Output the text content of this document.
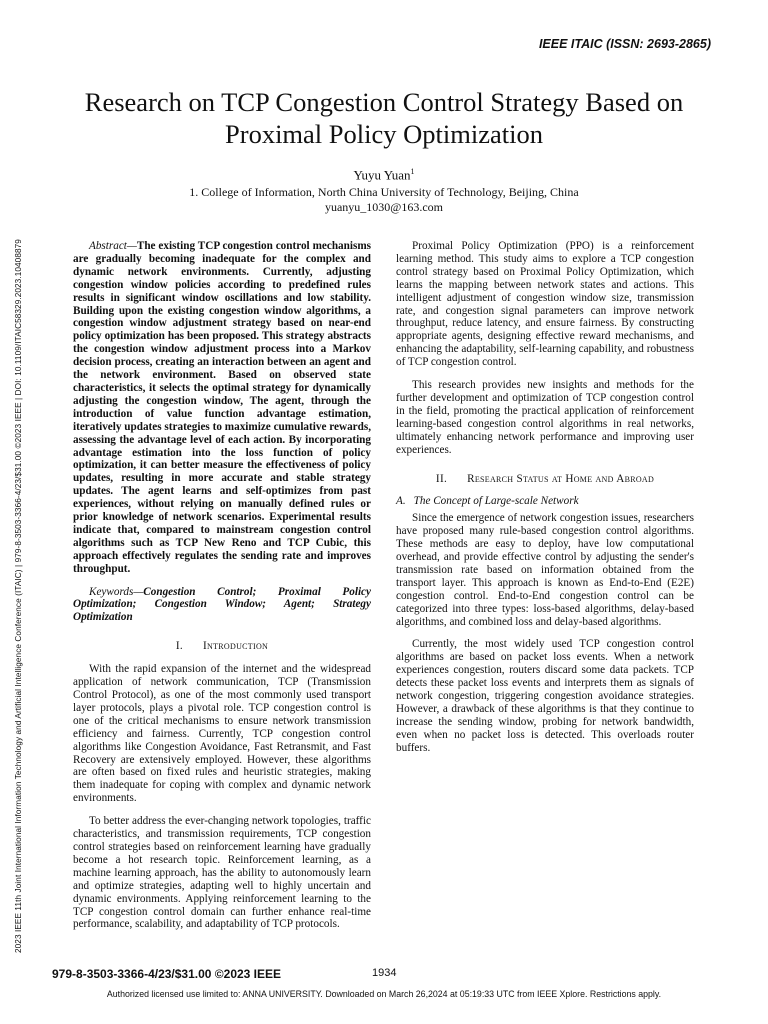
IEEE ITAIC (ISSN: 2693-2865)
Research on TCP Congestion Control Strategy Based on Proximal Policy Optimization
Yuyu Yuan$^1$
1. College of Information, North China University of Technology, Beijing, China
yuanyu_1030@163.com
2023 IEEE 11th Joint International Information Technology and Artificial Intelligence Conference (ITAIC) | 979-8-3503-3366-4/23/$31.00 ©2023 IEEE | DOI: 10.1109/ITAIC58329.2023.10408879	Abstract—The existing TCP congestion control mechanisms are gradually becoming inadequate for the complex and dynamic network environments. Currently, adjusting congestion window policies according to predefined rules results in significant window oscillations and low stability. Building upon the existing congestion window algorithms, a congestion window adjustment strategy based on near-end policy optimization has been proposed. This strategy abstracts the congestion window adjustment process into a Markov decision process, creating an interaction between an agent and the network environment. Based on observed state characteristics, it selects the optimal strategy for dynamically adjusting the congestion window, The agent, through the introduction of value function advantage estimation, iteratively updates strategies to maximize cumulative rewards, assessing the advantage level of each action. By incorporating advantage estimation into the loss function of policy optimization, it can better measure the effectiveness of policy updates, resulting in more accurate and stable strategy updates. The agent learns and self-optimizes from past experiences, without relying on manually defined rules or prior knowledge of network scenarios. Experimental results indicate that, compared to mainstream congestion control algorithms such as TCP New Reno and TCP Cubic, this approach effectively regulates the sending rate and improves throughput.

Keywords—Congestion Control; Proximal Policy Optimization; Congestion Window; Agent; Strategy Optimization

I. Introduction

With the rapid expansion of the internet and the widespread application of network communication, TCP (Transmission Control Protocol), as one of the most commonly used transport layer protocols, plays a pivotal role. TCP congestion control is one of the critical mechanisms to ensure network transmission efficiency and fairness. Currently, TCP congestion control algorithms like Congestion Avoidance, Fast Retransmit, and Fast Recovery are extensively employed. However, these algorithms are often based on fixed rules and heuristic strategies, making them inadequate for coping with complex and dynamic network environments.

To better address the ever-changing network topologies, traffic characteristics, and transmission requirements, TCP congestion control strategies based on reinforcement learning have gradually become a hot research topic. Reinforcement learning, as a machine learning approach, has the ability to autonomously learn and optimize strategies, adapting well to highly uncertain and dynamic environments. Applying reinforcement learning to the TCP congestion control domain can further enhance real-time performance, scalability, and adaptability of TCP protocols.

Proximal Policy Optimization (PPO) is a reinforcement learning method. This study aims to explore a TCP congestion control strategy based on Proximal Policy Optimization, which learns the mapping between network states and actions. This intelligent adjustment of congestion window size, transmission rate, and congestion signal parameters can improve network throughput, reduce latency, and ensure fairness. By constructing appropriate agents, designing effective reward mechanisms, and enhancing the adaptability, self-learning capability, and robustness of TCP congestion control.

This research provides new insights and methods for the further development and optimization of TCP congestion control in the field, promoting the practical application of reinforcement learning-based congestion control algorithms in real networks, ultimately enhancing network performance and improving user experiences.

II. Research Status at Home and Abroad
A. The Concept of Large-scale Network

Since the emergence of network congestion issues, researchers have proposed many rule-based congestion control algorithms. These methods are easy to deploy, have low computational overhead, and provide effective control by adjusting the sender's transmission rate based on information obtained from the transport layer. This approach is known as End-to-End (E2E) congestion control. End-to-End congestion control can be categorized into three types: loss-based algorithms, delay-based algorithms, and combined loss and delay-based algorithms.

Currently, the most widely used TCP congestion control algorithms are based on packet loss events. When a network experiences congestion, routers discard some data packets. TCP detects these packet loss events and interprets them as signals of network congestion, triggering congestion avoidance strategies. However, a drawback of these algorithms is that they continue to increase the sending window, probing for network bandwidth, even when no packet loss is detected. This overloads router buffers.

979-8-3503-3366-4/23/$31.00 ©2023 IEEE	1934
Authorized licensed use limited to: ANNA UNIVERSITY. Downloaded on March 26,2024 at 05:19:33 UTC from IEEE Xplore. Restrictions apply.
